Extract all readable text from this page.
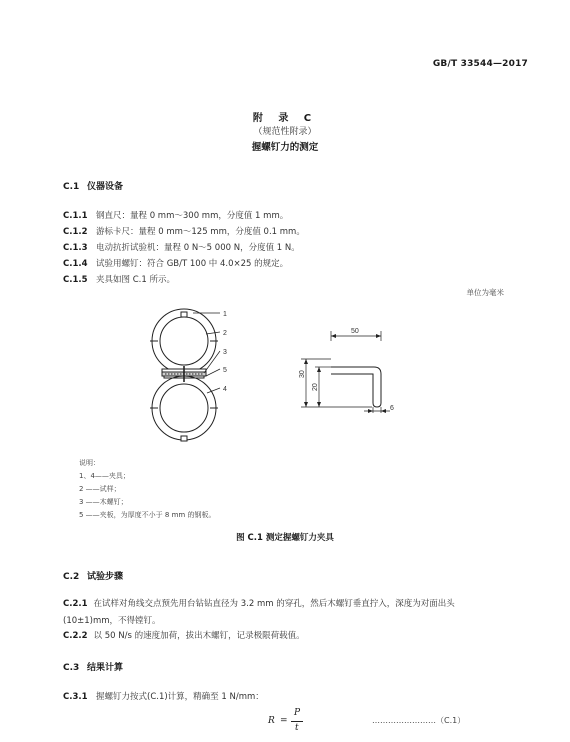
GB/T 33544—2017
附 录 C
（规范性附录）
握螺钉力的测定
C.1 仪器设备
C.1.1 钢直尺：量程 0 mm～300 mm，分度值 1 mm。
C.1.2 游标卡尺：量程 0 mm～125 mm，分度值 0.1 mm。
C.1.3 电动抗折试验机：量程 0 N～5 000 N，分度值 1 N。
C.1.4 试验用螺钉：符合 GB/T 100 中 4.0×25 的规定。
C.1.5 夹具如图 C.1 所示。
单位为毫米
1
2
3
5
4
50
30
20
6
说明：
1、4——夹具；
2 ——试样；
3 ——木螺钉；
5 ——夹板，为厚度不小于 8 mm 的钢板。
图 C.1 测定握螺钉力夹具
C.2 试验步骤
C.2.1 在试样对角线交点预先用台钻钻直径为 3.2 mm 的穿孔，然后木螺钉垂直拧入，深度为对面出头 (10±1)mm，不得镗钉。
C.2.2 以 50 N/s 的速度加荷，拔出木螺钉，记录极限荷载值。
C.3 结果计算
C.3.1 握螺钉力按式(C.1)计算，精确至 1 N/mm：
R =
P
t
……………………（C.1）
